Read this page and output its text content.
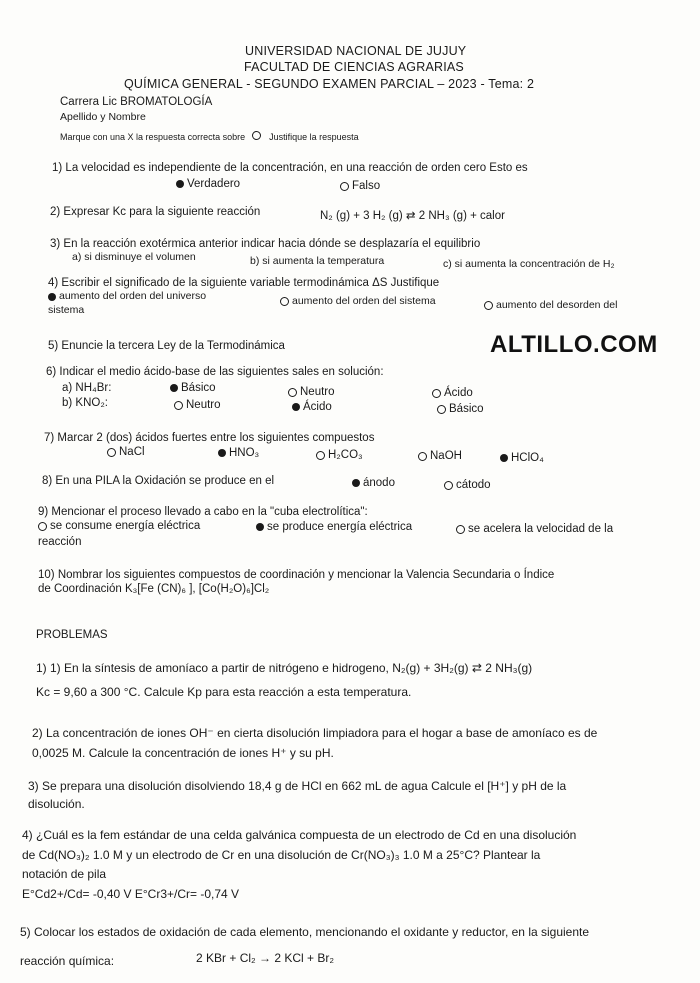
UNIVERSIDAD NACIONAL DE JUJUY
FACULTAD DE CIENCIAS AGRARIAS
QUÍMICA GENERAL - SEGUNDO EXAMEN PARCIAL – 2023 - Tema: 2
Carrera Lic BROMATOLOGÍA
Apellido y Nombre
Marque con una X la respuesta correcta sobre	Justifique la respuesta
1) La velocidad es independiente de la concentración, en una reacción de orden cero Esto es
Verdadero	Falso
2) Expresar Kc para la siguiente reacción	N₂ (g) + 3 H₂ (g) ⇄ 2 NH₃ (g) + calor
3) En la reacción exotérmica anterior indicar hacia dónde se desplazaría el equilibrio
a) si disminuye el volumen	b) si aumenta la temperatura	c) si aumenta la concentración de H₂
4) Escribir el significado de la siguiente variable termodinámica ΔS Justifique
aumento del orden del universo	aumento del orden del sistema	aumento del desorden del
sistema
5) Enuncie la tercera Ley de la Termodinámica	ALTILLO.COM
6) Indicar el medio ácido-base de las siguientes sales en solución:
a) NH₄Br:	Básico	Neutro	Ácido
b) KNO₂:	Neutro	Ácido	Básico
7) Marcar 2 (dos) ácidos fuertes entre los siguientes compuestos
NaCl	HNO₃	H₂CO₃	NaOH	HClO₄
8) En una PILA la Oxidación se produce en el	ánodo	cátodo
9) Mencionar el proceso llevado a cabo en la "cuba electrolítica":
se consume energía eléctrica	se produce energía eléctrica	se acelera la velocidad de la
reacción
10) Nombrar los siguientes compuestos de coordinación y mencionar la Valencia Secundaria o Índice
de Coordinación K₃[Fe (CN)₆ ], [Co(H₂O)₆]Cl₂
PROBLEMAS
1) 1) En la síntesis de amoníaco a partir de nitrógeno e hidrogeno, N₂(g) + 3H₂(g) ⇄ 2 NH₃(g)
Kc = 9,60 a 300 °C. Calcule Kp para esta reacción a esta temperatura.
2) La concentración de iones OH⁻ en cierta disolución limpiadora para el hogar a base de amoníaco es de
0,0025 M. Calcule la concentración de iones H⁺ y su pH.
3) Se prepara una disolución disolviendo 18,4 g de HCl en 662 mL de agua Calcule el [H⁺] y pH de la
disolución.
4) ¿Cuál es la fem estándar de una celda galvánica compuesta de un electrodo de Cd en una disolución
de Cd(NO₃)₂ 1.0 M y un electrodo de Cr en una disolución de Cr(NO₃)₃ 1.0 M a 25°C? Plantear la
notación de pila
E°Cd2+/Cd= -0,40 V E°Cr3+/Cr= -0,74 V
5) Colocar los estados de oxidación de cada elemento, mencionando el oxidante y reductor, en la siguiente
reacción química:	2 KBr + Cl₂ → 2 KCl + Br₂
